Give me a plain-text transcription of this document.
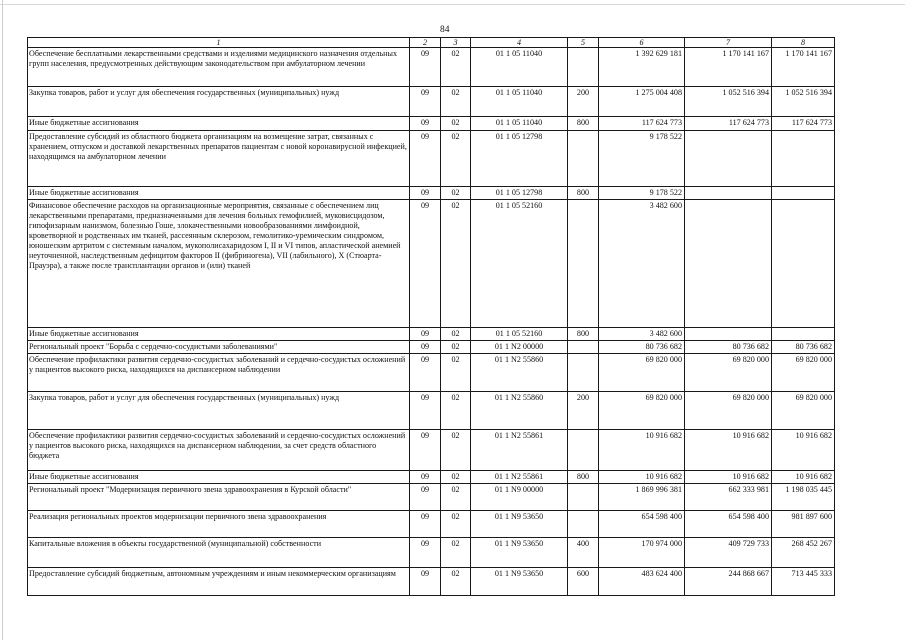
84
1	2	3	4	5	6	7	8
Обеспечение бесплатными лекарственными средствами и изделиями медицинского назначения отдельных групп населения, предусмотренных действующим законодательством при амбулаторном лечении	09	02	01 1 05 11040		1 392 629 181	1 170 141 167	1 170 141 167
Закупка товаров, работ и услуг для обеспечения государственных (муниципальных) нужд	09	02	01 1 05 11040	200	1 275 004 408	1 052 516 394	1 052 516 394
Иные бюджетные ассигнования	09	02	01 1 05 11040	800	117 624 773	117 624 773	117 624 773
Предоставление субсидий из областного бюджета организациям на возмещение затрат, связанных с хранением, отпуском и доставкой лекарственных препаратов пациентам с новой коронавирусной инфекцией, находящимся на амбулаторном лечении	09	02	01 1 05 12798		9 178 522		
Иные бюджетные ассигнования	09	02	01 1 05 12798	800	9 178 522		
Финансовое обеспечение расходов на организационные мероприятия, связанные с обеспечением лиц лекарственными препаратами, предназначенными для лечения больных гемофилией, муковисцидозом, гипофизарным нанизмом, болезнью Гоше, злокачественными новообразованиями лимфоидной, кроветворной и родственных им тканей, рассеянным склерозом, гемолитико-уремическим синдромом, юношеским артритом с системным началом, мукополисахаридозом I, II и VI типов, апластической анемией неуточненной, наследственным дефицитом факторов II (фибриногена), VII (лабильного), X (Стюарта-Прауэра), а также после трансплантации органов и (или) тканей	09	02	01 1 05 52160		3 482 600		
Иные бюджетные ассигнования	09	02	01 1 05 52160	800	3 482 600		
Региональный проект "Борьба с сердечно-сосудистыми заболеваниями"	09	02	01 1 N2 00000		80 736 682	80 736 682	80 736 682
Обеспечение профилактики развития сердечно-сосудистых заболеваний и сердечно-сосудистых осложнений у пациентов высокого риска, находящихся на диспансерном наблюдении	09	02	01 1 N2 55860		69 820 000	69 820 000	69 820 000
Закупка товаров, работ и услуг для обеспечения государственных (муниципальных) нужд	09	02	01 1 N2 55860	200	69 820 000	69 820 000	69 820 000
Обеспечение профилактики развития сердечно-сосудистых заболеваний и сердечно-сосудистых осложнений у пациентов высокого риска, находящихся на диспансерном наблюдении, за счет средств областного бюджета	09	02	01 1 N2 55861		10 916 682	10 916 682	10 916 682
Иные бюджетные ассигнования	09	02	01 1 N2 55861	800	10 916 682	10 916 682	10 916 682
Региональный проект "Модернизация первичного звена здравоохранения в Курской области"	09	02	01 1 N9 00000		1 869 996 381	662 333 981	1 198 035 445
Реализация региональных проектов модернизации первичного звена здравоохранения	09	02	01 1 N9 53650		654 598 400	654 598 400	981 897 600
Капитальные вложения в объекты государственной (муниципальной) собственности	09	02	01 1 N9 53650	400	170 974 000	409 729 733	268 452 267
Предоставление субсидий бюджетным, автономным учреждениям и иным некоммерческим организациям	09	02	01 1 N9 53650	600	483 624 400	244 868 667	713 445 333
